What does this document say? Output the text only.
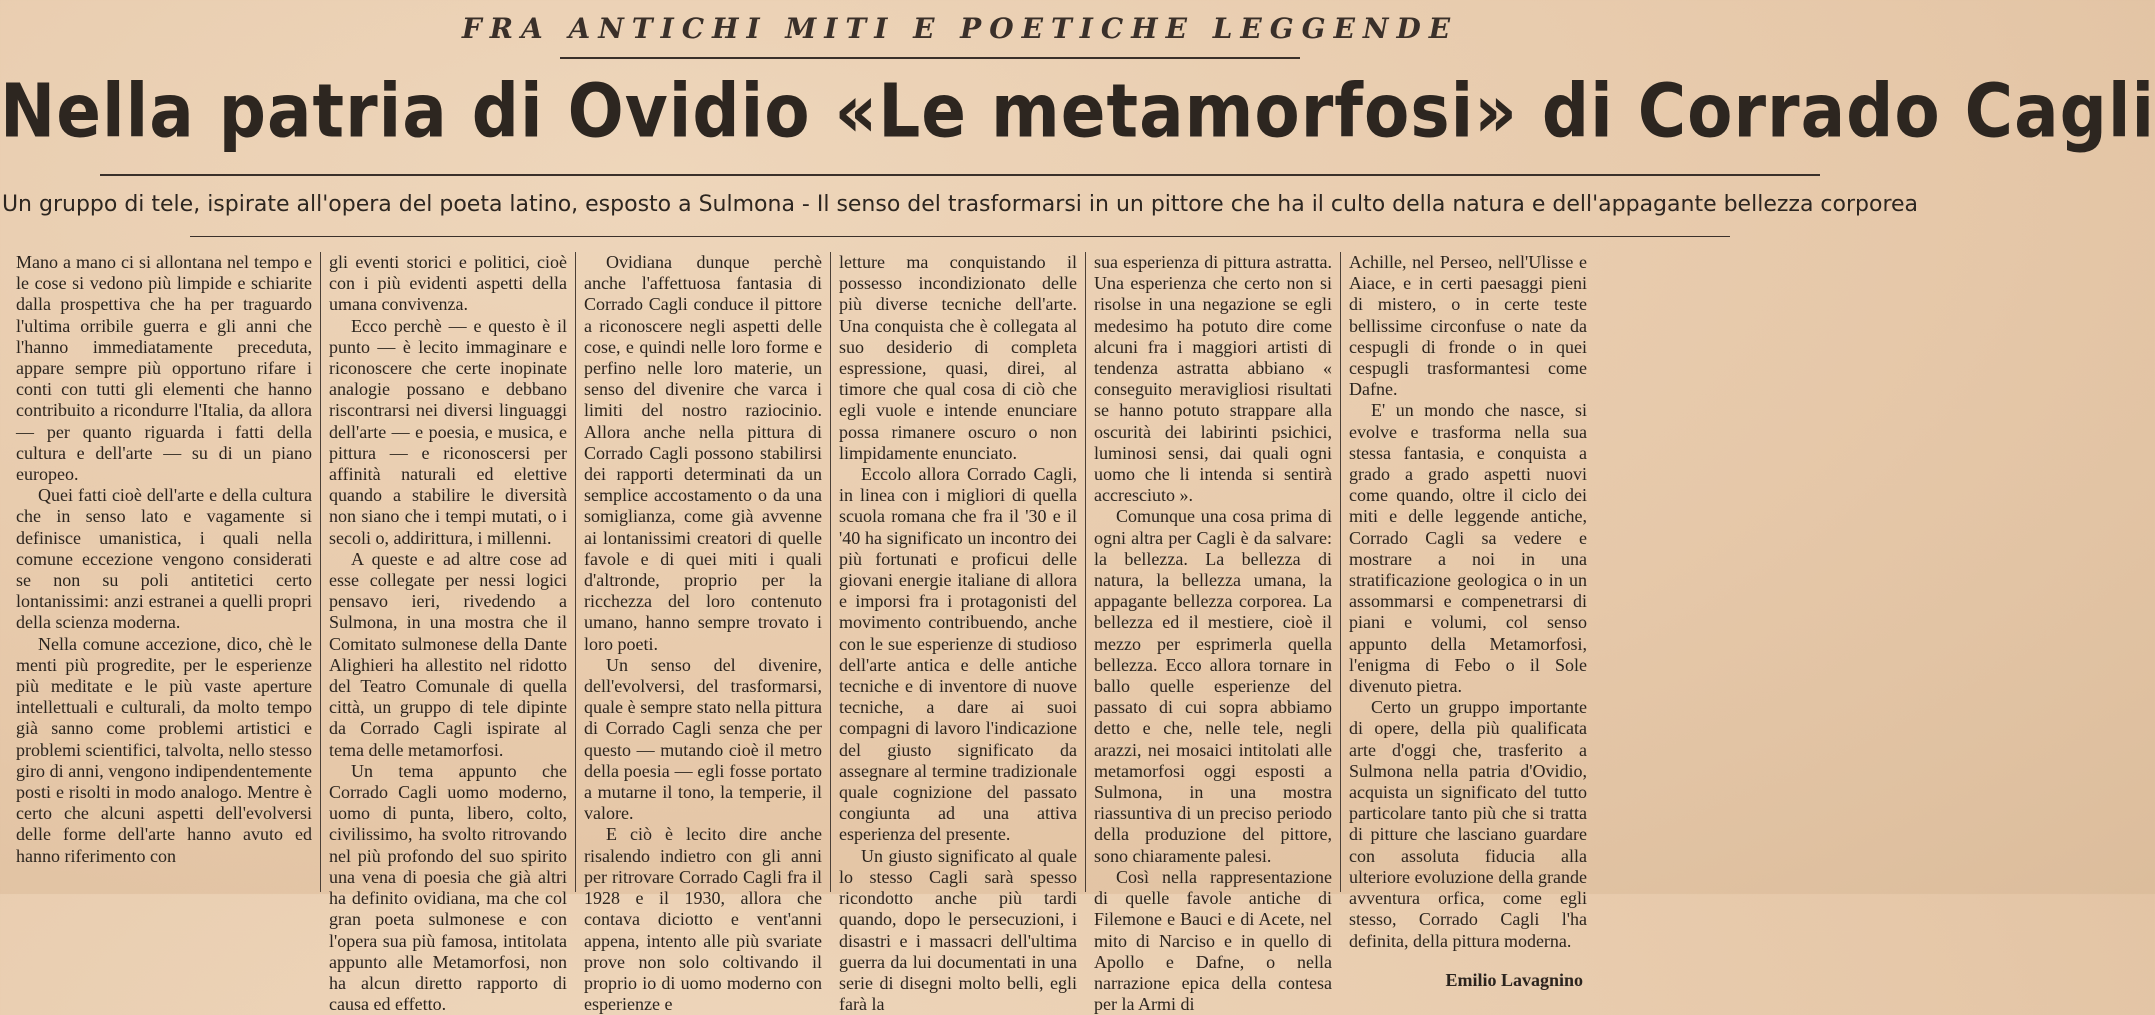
FRA ANTICHI MITI E POETICHE LEGGENDE
Nella patria di Ovidio «Le metamorfosi» di Corrado Cagli
Un gruppo di tele, ispirate all'opera del poeta latino, esposto a Sulmona - Il senso del trasformarsi in un pittore che ha il culto della natura e dell'appagante bellezza corporea

Mano a mano ci si allontana nel tempo e le cose si vedono più limpide e schiarite dalla prospettiva che ha per traguardo l'ultima orribile guerra e gli anni che l'hanno immediatamente preceduta, appare sempre più opportuno rifare i conti con tutti gli elementi che hanno contribuito a ricondurre l'Italia, da allora — per quanto riguarda i fatti della cultura e dell'arte — su di un piano europeo.

Quei fatti cioè dell'arte e della cultura che in senso lato e vagamente si definisce umanistica, i quali nella comune eccezione vengono considerati se non su poli antitetici certo lontanissimi: anzi estranei a quelli propri della scienza moderna.

Nella comune accezione, dico, chè le menti più progredite, per le esperienze più meditate e le più vaste aperture intellettuali e culturali, da molto tempo già sanno come problemi artistici e problemi scientifici, talvolta, nello stesso giro di anni, vengono indipendentemente posti e risolti in modo analogo. Mentre è certo che alcuni aspetti dell'evolversi delle forme dell'arte hanno avuto ed hanno riferimento con

gli eventi storici e politici, cioè con i più evidenti aspetti della umana convivenza.

Ecco perchè — e questo è il punto — è lecito immaginare e riconoscere che certe inopinate analogie possano e debbano riscontrarsi nei diversi linguaggi dell'arte — e poesia, e musica, e pittura — e riconoscersi per affinità naturali ed elettive quando a stabilire le diversità non siano che i tempi mutati, o i secoli o, addirittura, i millenni.

A queste e ad altre cose ad esse collegate per nessi logici pensavo ieri, rivedendo a Sulmona, in una mostra che il Comitato sulmonese della Dante Alighieri ha allestito nel ridotto del Teatro Comunale di quella città, un gruppo di tele dipinte da Corrado Cagli ispirate al tema delle metamorfosi.

Un tema appunto che Corrado Cagli uomo moderno, uomo di punta, libero, colto, civilissimo, ha svolto ritrovando nel più profondo del suo spirito una vena di poesia che già altri ha definito ovidiana, ma che col gran poeta sulmonese e con l'opera sua più famosa, intitolata appunto alle Metamorfosi, non ha alcun diretto rapporto di causa ed effetto.

Ovidiana dunque perchè anche l'affettuosa fantasia di Corrado Cagli conduce il pittore a riconoscere negli aspetti delle cose, e quindi nelle loro forme e perfino nelle loro materie, un senso del divenire che varca i limiti del nostro raziocinio. Allora anche nella pittura di Corrado Cagli possono stabilirsi dei rapporti determinati da un semplice accostamento o da una somiglianza, come già avvenne ai lontanissimi creatori di quelle favole e di quei miti i quali d'altronde, proprio per la ricchezza del loro contenuto umano, hanno sempre trovato i loro poeti.

Un senso del divenire, dell'evolversi, del trasformarsi, quale è sempre stato nella pittura di Corrado Cagli senza che per questo — mutando cioè il metro della poesia — egli fosse portato a mutarne il tono, la temperie, il valore.

E ciò è lecito dire anche risalendo indietro con gli anni per ritrovare Corrado Cagli fra il 1928 e il 1930, allora che contava diciotto e vent'anni appena, intento alle più svariate prove non solo coltivando il proprio io di uomo moderno con esperienze e

letture ma conquistando il possesso incondizionato delle più diverse tecniche dell'arte. Una conquista che è collegata al suo desiderio di completa espressione, quasi, direi, al timore che qual cosa di ciò che egli vuole e intende enunciare possa rimanere oscuro o non limpidamente enunciato.

Eccolo allora Corrado Cagli, in linea con i migliori di quella scuola romana che fra il '30 e il '40 ha significato un incontro dei più fortunati e proficui delle giovani energie italiane di allora e imporsi fra i protagonisti del movimento contribuendo, anche con le sue esperienze di studioso dell'arte antica e delle antiche tecniche e di inventore di nuove tecniche, a dare ai suoi compagni di lavoro l'indicazione del giusto significato da assegnare al termine tradizionale quale cognizione del passato congiunta ad una attiva esperienza del presente.

Un giusto significato al quale lo stesso Cagli sarà spesso ricondotto anche più tardi quando, dopo le persecuzioni, i disastri e i massacri dell'ultima guerra da lui documentati in una serie di disegni molto belli, egli farà la

sua esperienza di pittura astratta. Una esperienza che certo non si risolse in una negazione se egli medesimo ha potuto dire come alcuni fra i maggiori artisti di tendenza astratta abbiano « conseguito meravigliosi risultati se hanno potuto strappare alla oscurità dei labirinti psichici, luminosi sensi, dai quali ogni uomo che li intenda si sentirà accresciuto ».

Comunque una cosa prima di ogni altra per Cagli è da salvare: la bellezza. La bellezza di natura, la bellezza umana, la appagante bellezza corporea. La bellezza ed il mestiere, cioè il mezzo per esprimerla quella bellezza. Ecco allora tornare in ballo quelle esperienze del passato di cui sopra abbiamo detto e che, nelle tele, negli arazzi, nei mosaici intitolati alle metamorfosi oggi esposti a Sulmona, in una mostra riassuntiva di un preciso periodo della produzione del pittore, sono chiaramente palesi.

Così nella rappresentazione di quelle favole antiche di Filemone e Bauci e di Acete, nel mito di Narciso e in quello di Apollo e Dafne, o nella narrazione epica della contesa per la Armi di

Achille, nel Perseo, nell'Ulisse e Aiace, e in certi paesaggi pieni di mistero, o in certe teste bellissime circonfuse o nate da cespugli di fronde o in quei cespugli trasformantesi come Dafne.

E' un mondo che nasce, si evolve e trasforma nella sua stessa fantasia, e conquista a grado a grado aspetti nuovi come quando, oltre il ciclo dei miti e delle leggende antiche, Corrado Cagli sa vedere e mostrare a noi in una stratificazione geologica o in un assommarsi e compenetrarsi di piani e volumi, col senso appunto della Metamorfosi, l'enigma di Febo o il Sole divenuto pietra.

Certo un gruppo importante di opere, della più qualificata arte d'oggi che, trasferito a Sulmona nella patria d'Ovidio, acquista un significato del tutto particolare tanto più che si tratta di pitture che lasciano guardare con assoluta fiducia alla ulteriore evoluzione della grande avventura orfica, come egli stesso, Corrado Cagli l'ha definita, della pittura moderna.

Emilio Lavagnino
